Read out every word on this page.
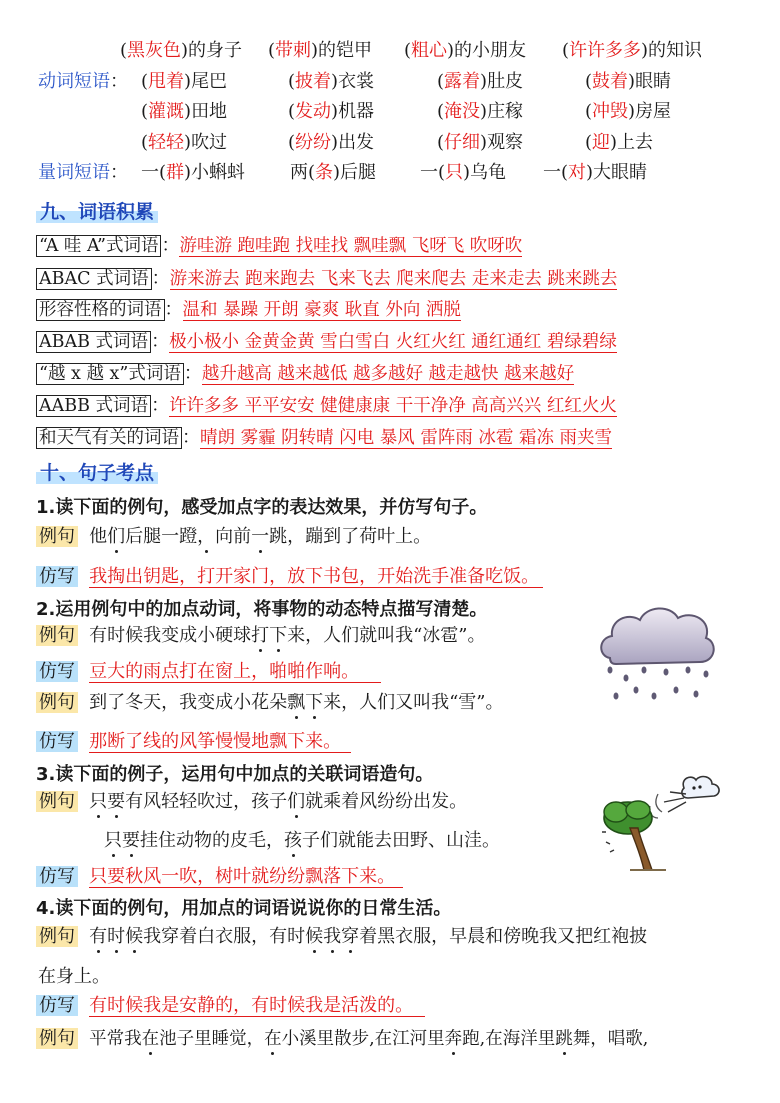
(黑灰色)的身子 (带刺)的铠甲 (粗心)的小朋友 (许许多多)的知识
动词短语： (甩着)尾巴	(披着)衣裳	(露着)肚皮	(鼓着)眼睛
(灌溉)田地	(发动)机器	(淹没)庄稼	(冲毁)房屋
(轻轻)吹过	(纷纷)出发	(仔细)观察	(迎)上去
量词短语： 一(群)小蝌蚪 两(条)后腿 一(只)乌龟 一(对)大眼睛
九、词语积累
“A 哇 A”式词语 ：游哇游 跑哇跑 找哇找 飘哇飘 飞呀飞 吹呀吹
ABAC 式词语 ：游来游去 跑来跑去 飞来飞去 爬来爬去 走来走去 跳来跳去
形容性格的词语 ：温和 暴躁 开朗 豪爽 耿直 外向 洒脱
ABAB 式词语 ：极小极小 金黄金黄 雪白雪白 火红火红 通红通红 碧绿碧绿
“越 x 越 x”式词语 ：越升越高 越来越低 越多越好 越走越快 越来越好
AABB 式词语 ：许许多多 平平安安 健健康康 干干净净 高高兴兴 红红火火
和天气有关的词语 ：晴朗 雾霾 阴转晴 闪电 暴风 雷阵雨 冰雹 霜冻 雨夹雪
十、句子考点
1.读下面的例句，感受加点字的表达效果，并仿写句子。
例句 他们后腿一蹬，向前一跳，蹦到了荷叶上。
仿写 我掏出钥匙，打开家门，放下书包，开始洗手准备吃饭。
2.运用例句中的加点动词，将事物的动态特点描写清楚。
例句 有时候我变成小硬球打下来，人们就叫我“冰雹”。
仿写 豆大的雨点打在窗上，啪啪作响。
例句 到了冬天，我变成小花朵飘下来，人们又叫我“雪”。
仿写 那断了线的风筝慢慢地飘下来。
3.读下面的例子，运用句中加点的关联词语造句。
例句 只要有风轻轻吹过，孩子们就乘着风纷纷出发。
只要挂住动物的皮毛，孩子们就能去田野、山洼。
仿写 只要秋风一吹，树叶就纷纷飘落下来。
4.读下面的例句，用加点的词语说说你的日常生活。
例句 有时候我穿着白衣服，有时候我穿着黑衣服，早晨和傍晚我又把红袍披
在身上。
仿写 有时候我是安静的，有时候我是活泼的。
例句 平常我在池子里睡觉，在小溪里散步,在江河里奔跑,在海洋里跳舞，唱歌,
